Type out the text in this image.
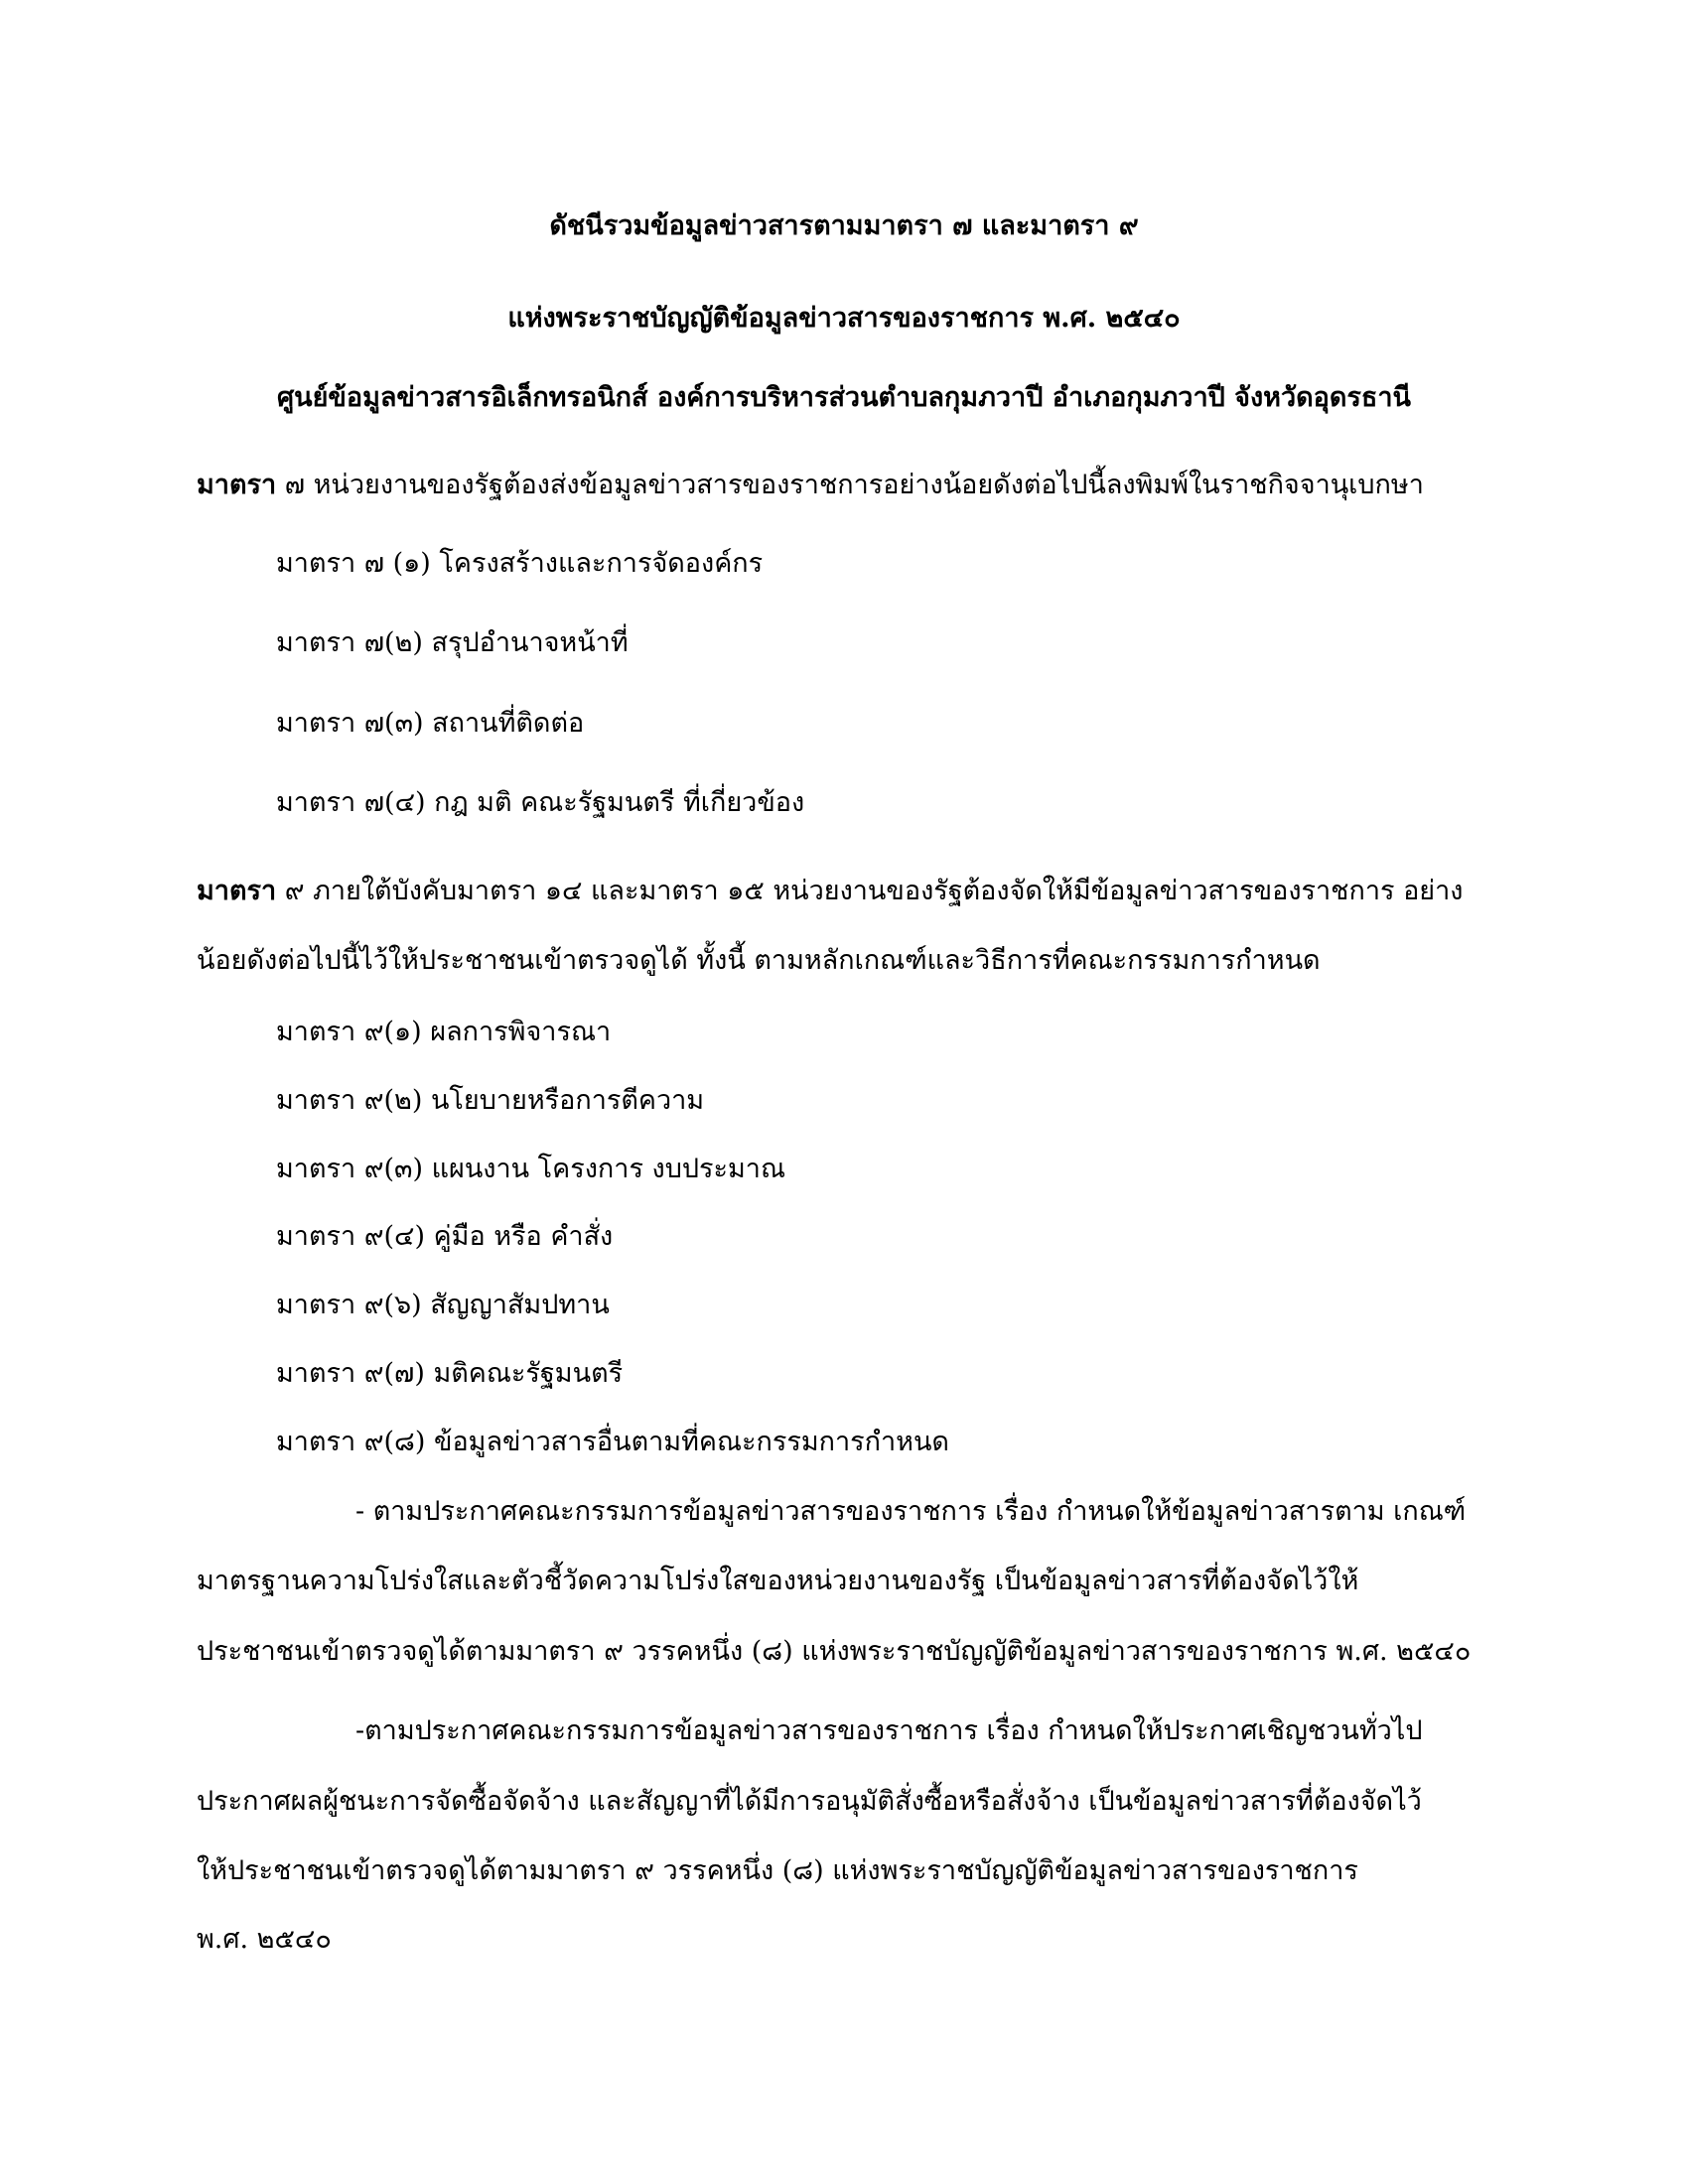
ดัชนีรวมข้อมูลข่าวสารตามมาตรา ๗ และมาตรา ๙
แห่งพระราชบัญญัติข้อมูลข่าวสารของราชการ พ.ศ. ๒๕๔๐
ศูนย์ข้อมูลข่าวสารอิเล็กทรอนิกส์ องค์การบริหารส่วนตำบลกุมภวาปี อำเภอกุมภวาปี จังหวัดอุดรธานี
มาตรา ๗ หน่วยงานของรัฐต้องส่งข้อมูลข่าวสารของราชการอย่างน้อยดังต่อไปนี้ลงพิมพ์ในราชกิจจานุเบกษา
มาตรา ๗ (๑) โครงสร้างและการจัดองค์กร
มาตรา ๗(๒) สรุปอำนาจหน้าที่
มาตรา ๗(๓) สถานที่ติดต่อ
มาตรา ๗(๔) กฎ มติ คณะรัฐมนตรี ที่เกี่ยวข้อง
มาตรา ๙ ภายใต้บังคับมาตรา ๑๔ และมาตรา ๑๕ หน่วยงานของรัฐต้องจัดให้มีข้อมูลข่าวสารของราชการ อย่าง
น้อยดังต่อไปนี้ไว้ให้ประชาชนเข้าตรวจดูได้ ทั้งนี้ ตามหลักเกณฑ์และวิธีการที่คณะกรรมการกำหนด
มาตรา ๙(๑) ผลการพิจารณา
มาตรา ๙(๒) นโยบายหรือการตีความ
มาตรา ๙(๓) แผนงาน โครงการ งบประมาณ
มาตรา ๙(๔) คู่มือ หรือ คำสั่ง
มาตรา ๙(๖) สัญญาสัมปทาน
มาตรา ๙(๗) มติคณะรัฐมนตรี
มาตรา ๙(๘) ข้อมูลข่าวสารอื่นตามที่คณะกรรมการกำหนด
- ตามประกาศคณะกรรมการข้อมูลข่าวสารของราชการ เรื่อง กำหนดให้ข้อมูลข่าวสารตาม เกณฑ์
มาตรฐานความโปร่งใสและตัวชี้วัดความโปร่งใสของหน่วยงานของรัฐ เป็นข้อมูลข่าวสารที่ต้องจัดไว้ให้
ประชาชนเข้าตรวจดูได้ตามมาตรา ๙ วรรคหนึ่ง (๘) แห่งพระราชบัญญัติข้อมูลข่าวสารของราชการ พ.ศ. ๒๕๔๐
-ตามประกาศคณะกรรมการข้อมูลข่าวสารของราชการ เรื่อง กำหนดให้ประกาศเชิญชวนทั่วไป
ประกาศผลผู้ชนะการจัดซื้อจัดจ้าง และสัญญาที่ได้มีการอนุมัติสั่งซื้อหรือสั่งจ้าง เป็นข้อมูลข่าวสารที่ต้องจัดไว้
ให้ประชาชนเข้าตรวจดูได้ตามมาตรา ๙ วรรคหนึ่ง (๘) แห่งพระราชบัญญัติข้อมูลข่าวสารของราชการ
พ.ศ. ๒๕๔๐
